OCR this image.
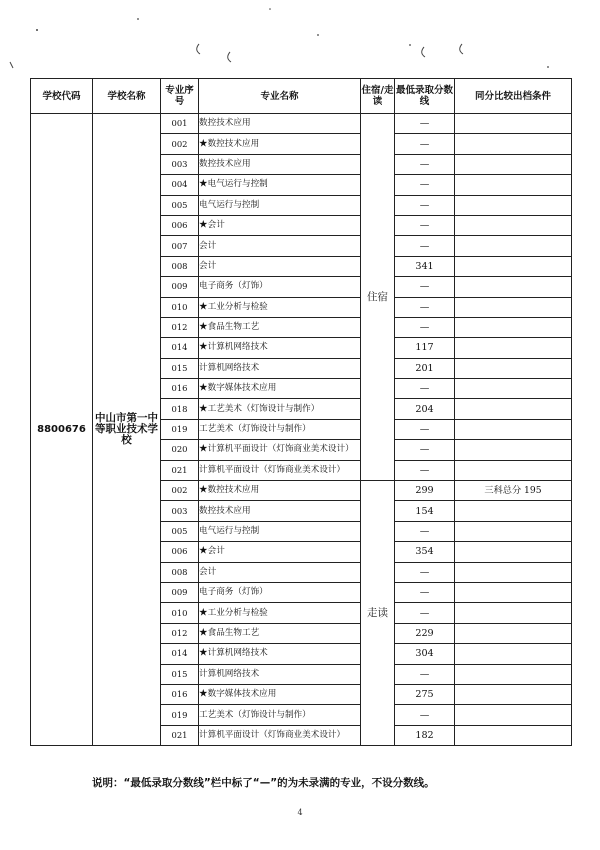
学校代码	学校名称	专业序号	专业名称	住宿/走读	最低录取分数线	同分比较出档条件
8800676	中山市第一中等职业技术学校	001	数控技术应用	住宿	—	
		002	★数控技术应用		—	
		003	数控技术应用		—	
		004	★电气运行与控制		—	
		005	电气运行与控制		—	
		006	★会计		—	
		007	会计		—	
		008	会计		341	
		009	电子商务（灯饰）		—	
		010	★工业分析与检验		—	
		012	★食品生物工艺		—	
		014	★计算机网络技术		117	
		015	计算机网络技术		201	
		016	★数字媒体技术应用		—	
		018	★工艺美术（灯饰设计与制作）		204	
		019	工艺美术（灯饰设计与制作）		—	
		020	★计算机平面设计（灯饰商业美术设计）		—	
		021	计算机平面设计（灯饰商业美术设计）		—	
		002	★数控技术应用	走读	299	三科总分 195
		003	数控技术应用		154	
		005	电气运行与控制		—	
		006	★会计		354	
		008	会计		—	
		009	电子商务（灯饰）		—	
		010	★工业分析与检验		—	
		012	★食品生物工艺		229	
		014	★计算机网络技术		304	
		015	计算机网络技术		—	
		016	★数字媒体技术应用		275	
		019	工艺美术（灯饰设计与制作）		—	
		021	计算机平面设计（灯饰商业美术设计）		182	
说明：“最低录取分数线”栏中标了“—”的为未录满的专业，不设分数线。
4
